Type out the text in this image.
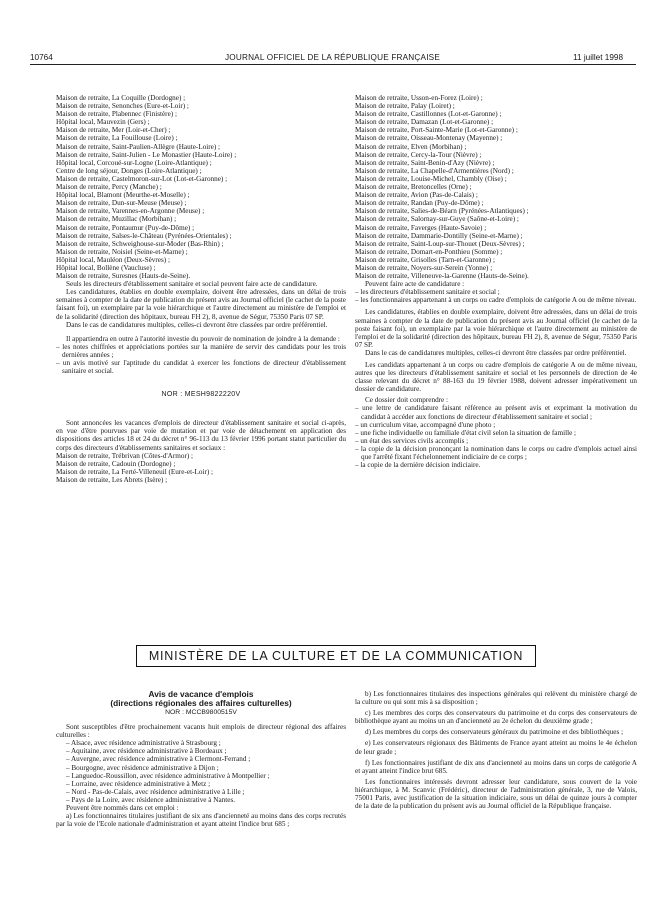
10764	JOURNAL OFFICIEL DE LA RÉPUBLIQUE FRANÇAISE	11 juillet 1998
Maison de retraite, La Coquille (Dordogne) ;
Maison de retraite, Senonches (Eure-et-Loir) ;
Maison de retraite, Plabennec (Finistère) ;
Hôpital local, Mauvezin (Gers) ;
Maison de retraite, Mer (Loir-et-Cher) ;
Maison de retraite, La Fouillouse (Loire) ;
Maison de retraite, Saint-Paulien-Allègre (Haute-Loire) ;
Maison de retraite, Saint-Julien - Le Monastier (Haute-Loire) ;
Hôpital local, Corcoué-sur-Logne (Loire-Atlantique) ;
Centre de long séjour, Donges (Loire-Atlantique) ;
Maison de retraite, Castelmoron-sur-Lot (Lot-et-Garonne) ;
Maison de retraite, Percy (Manche) ;
Hôpital local, Blamont (Meurthe-et-Moselle) ;
Maison de retraite, Dun-sur-Meuse (Meuse) ;
Maison de retraite, Varennes-en-Argonne (Meuse) ;
Maison de retraite, Muzillac (Morbihan) ;
Maison de retraite, Pontaumur (Puy-de-Dôme) ;
Maison de retraite, Salses-le-Château (Pyrénées-Orientales) ;
Maison de retraite, Schweighouse-sur-Moder (Bas-Rhin) ;
Maison de retraite, Noisiel (Seine-et-Marne) ;
Hôpital local, Mauléon (Deux-Sèvres) ;
Hôpital local, Bollène (Vaucluse) ;
Maison de retraite, Suresnes (Hauts-de-Seine).

Seuls les directeurs d'établissement sanitaire et social peuvent faire acte de candidature.

Les candidatures, établies en double exemplaire, doivent être adressées, dans un délai de trois semaines à compter de la date de publication du présent avis au Journal officiel (le cachet de la poste faisant foi), un exemplaire par la voie hiérarchique et l'autre directement au ministère de l'emploi et de la solidarité (direction des hôpitaux, bureau FH 2), 8, avenue de Ségur, 75350 Paris 07 SP.

Dans le cas de candidatures multiples, celles-ci devront être classées par ordre préférentiel.

Il appartiendra en outre à l'autorité investie du pouvoir de nomination de joindre à la demande :

– les notes chiffrées et appréciations portées sur la manière de servir des candidats pour les trois dernières années ;
– un avis motivé sur l'aptitude du candidat à exercer les fonctions de directeur d'établissement sanitaire et social.
NOR : MESH9822220V

Sont annoncées les vacances d'emplois de directeur d'établissement sanitaire et social ci-après, en vue d'être pourvues par voie de mutation et par voie de détachement en application des dispositions des articles 18 et 24 du décret n° 96-113 du 13 février 1996 portant statut particulier du corps des directeurs d'établissements sanitaires et sociaux :

Maison de retraite, Trébrivan (Côtes-d'Armor) ;
Maison de retraite, Cadouin (Dordogne) ;
Maison de retraite, La Ferté-Villeneuil (Eure-et-Loir) ;
Maison de retraite, Les Abrets (Isère) ;
Maison de retraite, Usson-en-Forez (Loire) ;
Maison de retraite, Palay (Loiret) ;
Maison de retraite, Castillonnes (Lot-et-Garonne) ;
Maison de retraite, Damazan (Lot-et-Garonne) ;
Maison de retraite, Port-Sainte-Marie (Lot-et-Garonne) ;
Maison de retraite, Oisseau-Montenay (Mayenne) ;
Maison de retraite, Elven (Morbihan) ;
Maison de retraite, Cercy-la-Tour (Nièvre) ;
Maison de retraite, Saint-Benin-d'Azy (Nièvre) ;
Maison de retraite, La Chapelle-d'Armentières (Nord) ;
Maison de retraite, Louise-Michel, Chambly (Oise) ;
Maison de retraite, Bretoncelles (Orne) ;
Maison de retraite, Avion (Pas-de-Calais) ;
Maison de retraite, Randan (Puy-de-Dôme) ;
Maison de retraite, Salies-de-Béarn (Pyrénées-Atlantiques) ;
Maison de retraite, Salornay-sur-Guye (Saône-et-Loire) ;
Maison de retraite, Faverges (Haute-Savoie) ;
Maison de retraite, Dammarie-Dontilly (Seine-et-Marne) ;
Maison de retraite, Saint-Loup-sur-Thouet (Deux-Sèvres) ;
Maison de retraite, Domart-en-Ponthieu (Somme) ;
Maison de retraite, Grisolles (Tarn-et-Garonne) ;
Maison de retraite, Noyers-sur-Serein (Yonne) ;
Maison de retraite, Villeneuve-la-Garenne (Hauts-de-Seine).

Peuvent faire acte de candidature :

– les directeurs d'établissement sanitaire et social ;
– les fonctionnaires appartenant à un corps ou cadre d'emplois de catégorie A ou de même niveau.

Les candidatures, établies en double exemplaire, doivent être adressées, dans un délai de trois semaines à compter de la date de publication du présent avis au Journal officiel (le cachet de la poste faisant foi), un exemplaire par la voie hiérarchique et l'autre directement au ministère de l'emploi et de la solidarité (direction des hôpitaux, bureau FH 2), 8, avenue de Ségur, 75350 Paris 07 SP.

Dans le cas de candidatures multiples, celles-ci devront être classées par ordre préférentiel.

Les candidats appartenant à un corps ou cadre d'emplois de catégorie A ou de même niveau, autres que les directeurs d'établissement sanitaire et social et les personnels de direction de 4e classe relevant du décret n° 88-163 du 19 février 1988, doivent adresser impérativement un dossier de candidature.

Ce dossier doit comprendre :

– une lettre de candidature faisant référence au présent avis et exprimant la motivation du candidat à accéder aux fonctions de directeur d'établissement sanitaire et social ;
– un curriculum vitae, accompagné d'une photo ;
– une fiche individuelle ou familiale d'état civil selon la situation de famille ;
– un état des services civils accomplis ;
– la copie de la décision prononçant la nomination dans le corps ou cadre d'emplois actuel ainsi que l'arrêté fixant l'échelonnement indiciaire de ce corps ;
– la copie de la dernière décision indiciaire.
MINISTÈRE DE LA CULTURE ET DE LA COMMUNICATION
Avis de vacance d'emplois
(directions régionales des affaires culturelles)
NOR : MCCB9800515V

Sont susceptibles d'être prochainement vacants huit emplois de directeur régional des affaires culturelles :

– Alsace, avec résidence administrative à Strasbourg ;
– Aquitaine, avec résidence administrative à Bordeaux ;
– Auvergne, avec résidence administrative à Clermont-Ferrand ;
– Bourgogne, avec résidence administrative à Dijon ;
– Languedoc-Roussillon, avec résidence administrative à Montpellier ;
– Lorraine, avec résidence administrative à Metz ;
– Nord - Pas-de-Calais, avec résidence administrative à Lille ;
– Pays de la Loire, avec résidence administrative à Nantes.

Peuvent être nommés dans cet emploi :

a) Les fonctionnaires titulaires justifiant de six ans d'ancienneté au moins dans des corps recrutés par la voie de l'Ecole nationale d'administration et ayant atteint l'indice brut 685 ;

b) Les fonctionnaires titulaires des inspections générales qui relèvent du ministère chargé de la culture ou qui sont mis à sa disposition ;

c) Les membres des corps des conservateurs du patrimoine et du corps des conservateurs de bibliothèque ayant au moins un an d'ancienneté au 2e échelon du deuxième grade ;

d) Les membres du corps des conservateurs généraux du patrimoine et des bibliothèques ;

e) Les conservateurs régionaux des Bâtiments de France ayant atteint au moins le 4e échelon de leur grade ;

f) Les fonctionnaires justifiant de dix ans d'ancienneté au moins dans un corps de catégorie A et ayant atteint l'indice brut 685.

Les fonctionnaires intéressés devront adresser leur candidature, sous couvert de la voie hiérarchique, à M. Scanvic (Frédéric), directeur de l'administration générale, 3, rue de Valois, 75001 Paris, avec justification de la situation indiciaire, sous un délai de quinze jours à compter de la date de la publication du présent avis au Journal officiel de la République française.
